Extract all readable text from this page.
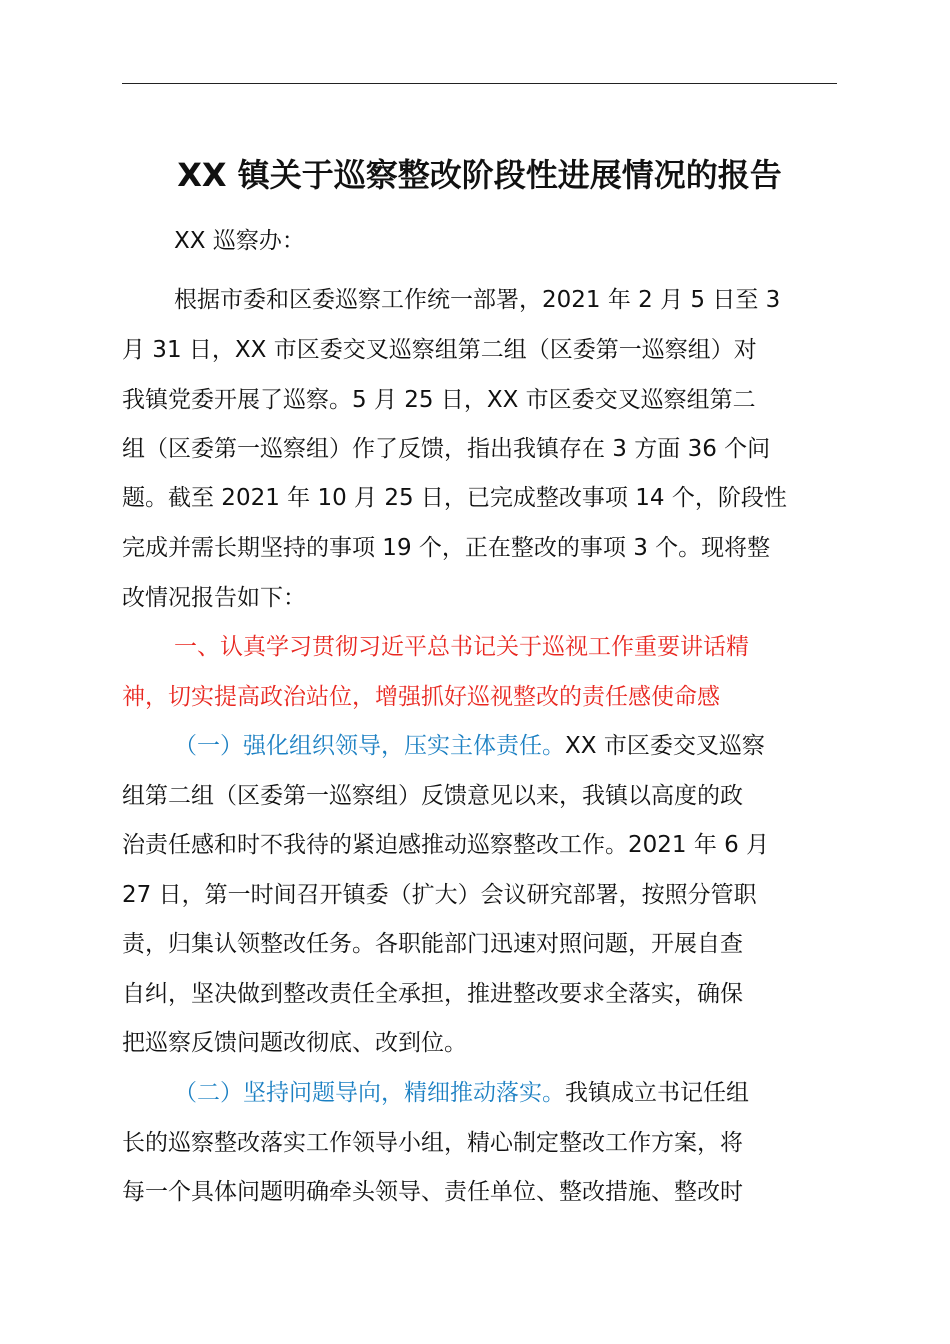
XX 镇关于巡察整改阶段性进展情况的报告
XX 巡察办：
根据市委和区委巡察工作统一部署，2021 年 2 月 5 日至 3
月 31 日，XX 市区委交叉巡察组第二组（区委第一巡察组）对
我镇党委开展了巡察。5 月 25 日，XX 市区委交叉巡察组第二
组（区委第一巡察组）作了反馈，指出我镇存在 3 方面 36 个问
题。截至 2021 年 10 月 25 日，已完成整改事项 14 个，阶段性
完成并需长期坚持的事项 19 个，正在整改的事项 3 个。现将整
改情况报告如下：
一、认真学习贯彻习近平总书记关于巡视工作重要讲话精
神，切实提高政治站位，增强抓好巡视整改的责任感使命感
（一）强化组织领导，压实主体责任。XX 市区委交叉巡察
组第二组（区委第一巡察组）反馈意见以来，我镇以高度的政
治责任感和时不我待的紧迫感推动巡察整改工作。2021 年 6 月
27 日，第一时间召开镇委（扩大）会议研究部署，按照分管职
责，归集认领整改任务。各职能部门迅速对照问题，开展自查
自纠，坚决做到整改责任全承担，推进整改要求全落实，确保
把巡察反馈问题改彻底、改到位。
（二）坚持问题导向，精细推动落实。我镇成立书记任组
长的巡察整改落实工作领导小组，精心制定整改工作方案，将
每一个具体问题明确牵头领导、责任单位、整改措施、整改时
